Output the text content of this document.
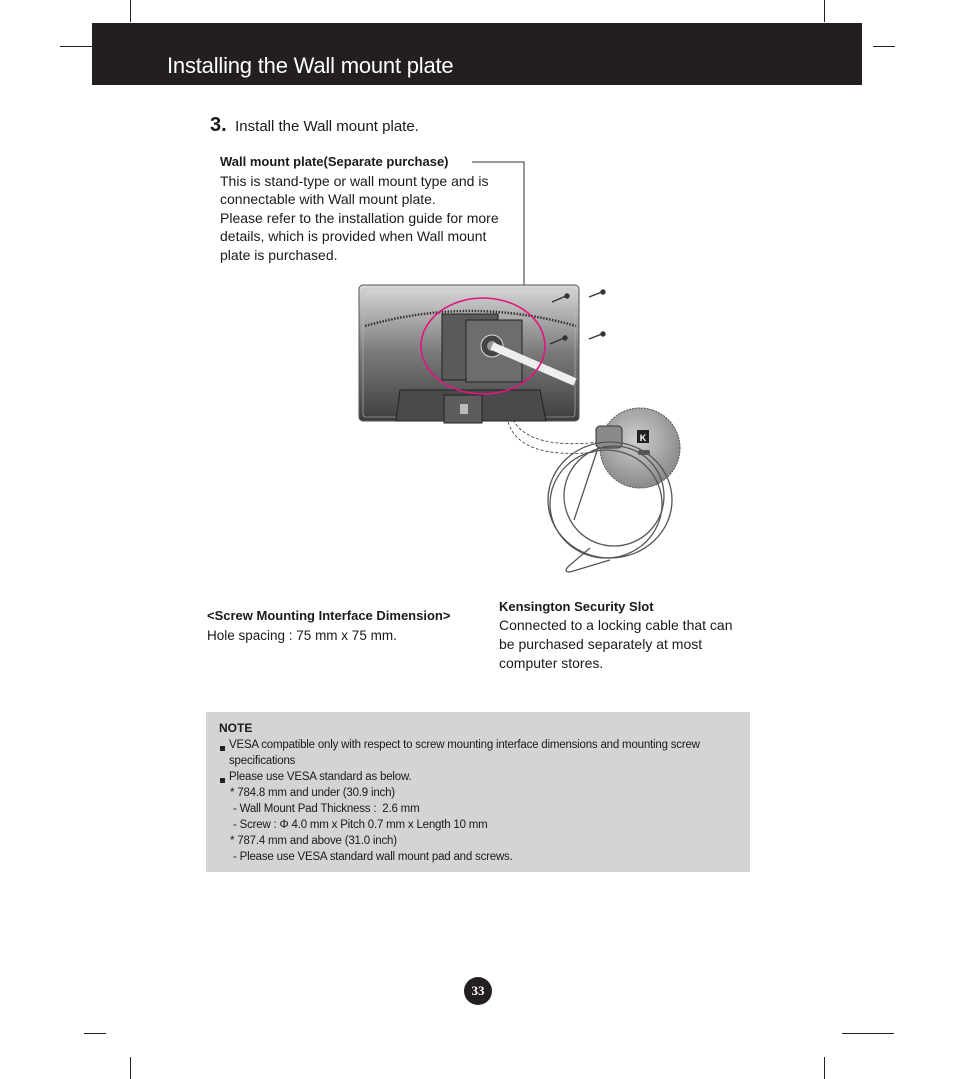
Installing the Wall mount plate
3. Install the Wall mount plate.
Wall mount plate(Separate purchase)
This is stand-type or wall mount type and is
connectable with Wall mount plate.
Please refer to the installation guide for more
details, which is provided when Wall mount
plate is purchased.
K
<Screw Mounting Interface Dimension>
Hole spacing : 75 mm x 75 mm.
Kensington Security Slot
Connected to a locking cable that can
be purchased separately at most
computer stores.
NOTE
VESA compatible only with respect to screw mounting interface dimensions and mounting screw
specifications
Please use VESA standard as below.
* 784.8 mm and under (30.9 inch)
- Wall Mount Pad Thickness :  2.6 mm
- Screw : Φ 4.0 mm x Pitch 0.7 mm x Length 10 mm
* 787.4 mm and above (31.0 inch)
- Please use VESA standard wall mount pad and screws.
33
